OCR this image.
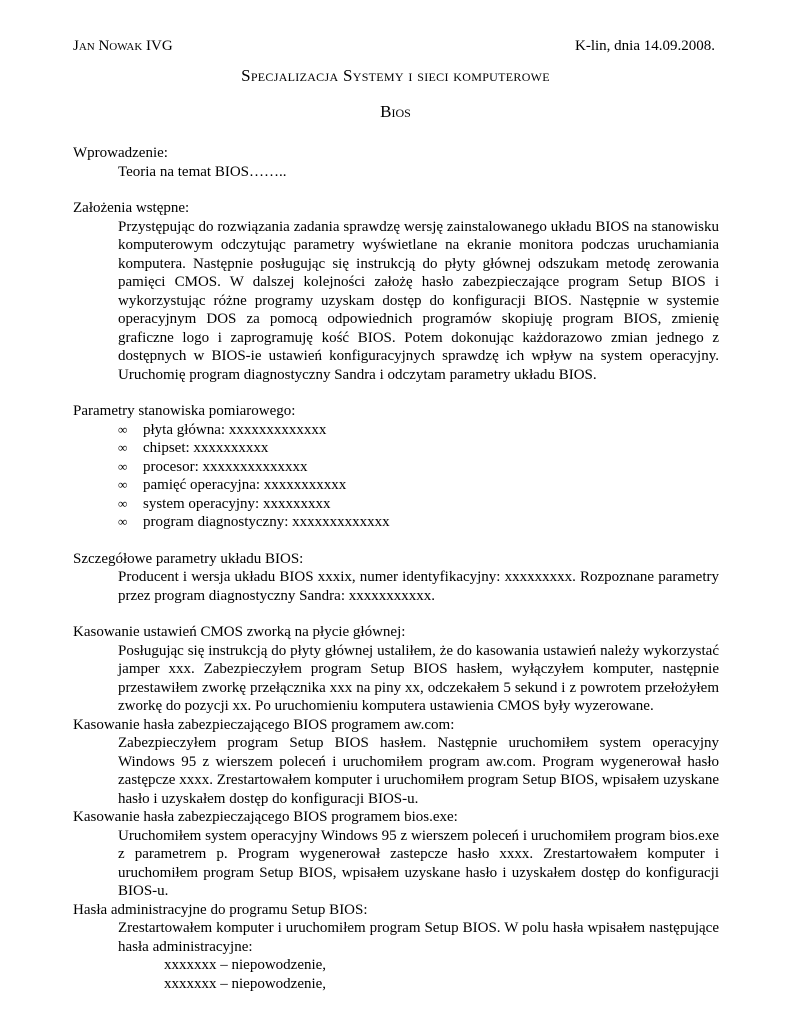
Jan Nowak IVG	K-lin, dnia 14.09.2008.
Specjalizacja Systemy i sieci komputerowe
Bios

Wprowadzenie:

Teoria na temat BIOS……..

Założenia wstępne:

Przystępując do rozwiązania zadania sprawdzę wersję zainstalowanego układu BIOS na stanowisku komputerowym odczytując parametry wyświetlane na ekranie monitora podczas uruchamiania komputera. Następnie posługując się instrukcją do płyty głównej odszukam metodę zerowania pamięci CMOS. W dalszej kolejności założę hasło zabezpieczające program Setup BIOS i wykorzystując różne programy uzyskam dostęp do konfiguracji BIOS. Następnie w systemie operacyjnym DOS za pomocą odpowiednich programów skopiuję program BIOS, zmienię graficzne logo i zaprogramuję kość BIOS. Potem dokonując każdorazowo zmian jednego z dostępnych w BIOS-ie ustawień konfiguracyjnych sprawdzę ich wpływ na system operacyjny. Uruchomię program diagnostyczny Sandra i odczytam parametry układu BIOS.

Parametry stanowiska pomiarowego:

∞ płyta główna: xxxxxxxxxxxxx
∞ chipset: xxxxxxxxxx
∞ procesor: xxxxxxxxxxxxxx
∞ pamięć operacyjna: xxxxxxxxxxx
∞ system operacyjny: xxxxxxxxx
∞ program diagnostyczny: xxxxxxxxxxxxx

Szczegółowe parametry układu BIOS:

Producent i wersja układu BIOS xxxix, numer identyfikacyjny: xxxxxxxxx. Rozpoznane parametry przez program diagnostyczny Sandra: xxxxxxxxxxx.

Kasowanie ustawień CMOS zworką na płycie głównej:

Posługując się instrukcją do płyty głównej ustaliłem, że do kasowania ustawień należy wykorzystać jamper xxx. Zabezpieczyłem program Setup BIOS hasłem, wyłączyłem komputer, następnie przestawiłem zworkę przełącznika xxx na piny xx, odczekałem 5 sekund i z powrotem przełożyłem zworkę do pozycji xx. Po uruchomieniu komputera ustawienia CMOS były wyzerowane.

Kasowanie hasła zabezpieczającego BIOS programem aw.com:

Zabezpieczyłem program Setup BIOS hasłem. Następnie uruchomiłem system operacyjny Windows 95 z wierszem poleceń i uruchomiłem program aw.com. Program wygenerował hasło zastępcze xxxx. Zrestartowałem komputer i uruchomiłem program Setup BIOS, wpisałem uzyskane hasło i uzyskałem dostęp do konfiguracji BIOS-u.

Kasowanie hasła zabezpieczającego BIOS programem bios.exe:

Uruchomiłem system operacyjny Windows 95 z wierszem poleceń i uruchomiłem program bios.exe z parametrem p. Program wygenerował zastepcze hasło xxxx. Zrestartowałem komputer i uruchomiłem program Setup BIOS, wpisałem uzyskane hasło i uzyskałem dostęp do konfiguracji BIOS-u.

Hasła administracyjne do programu Setup BIOS:

Zrestartowałem komputer i uruchomiłem program Setup BIOS. W polu hasła wpisałem następujące hasła administracyjne:

xxxxxxx – niepowodzenie,
xxxxxxx – niepowodzenie,
